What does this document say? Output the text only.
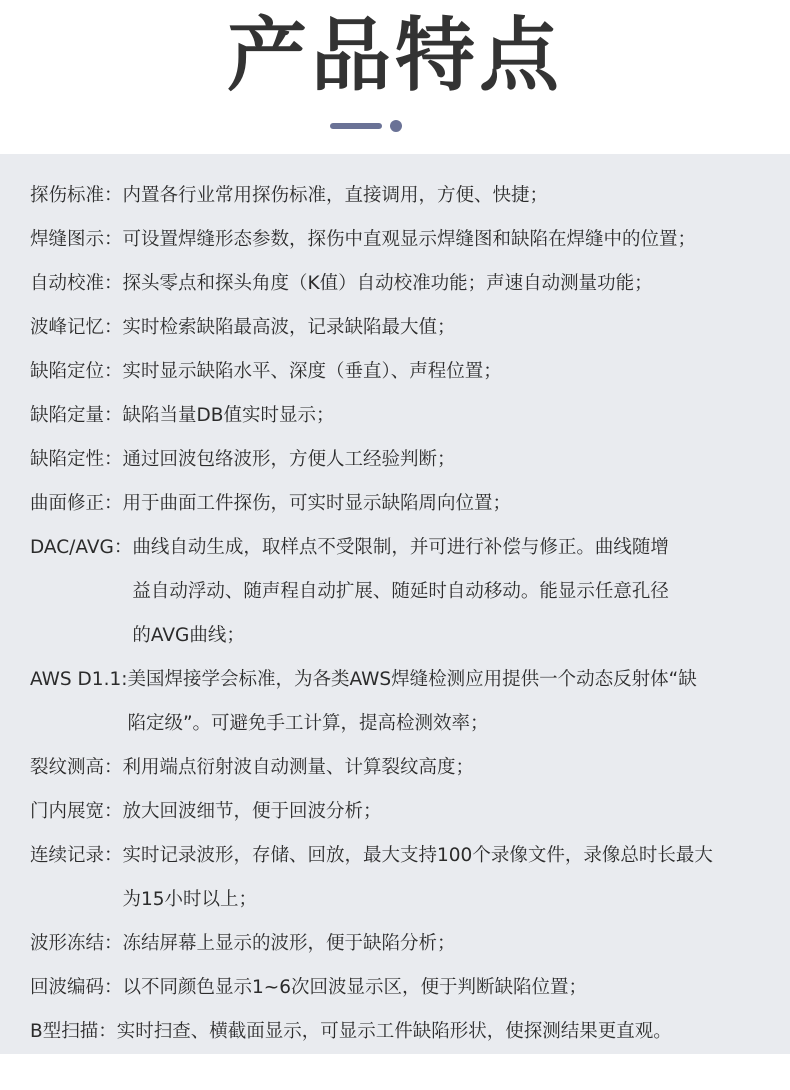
产品特点
探伤标准： 内置各行业常用探伤标准，直接调用，方便、快捷；
焊缝图示： 可设置焊缝形态参数，探伤中直观显示焊缝图和缺陷在焊缝中的位置；
自动校准： 探头零点和探头角度（K值）自动校准功能；声速自动测量功能；
波峰记忆： 实时检索缺陷最高波，记录缺陷最大值；
缺陷定位： 实时显示缺陷水平、深度（垂直）、声程位置；
缺陷定量： 缺陷当量DB值实时显示；
缺陷定性： 通过回波包络波形，方便人工经验判断；
曲面修正： 用于曲面工件探伤，可实时显示缺陷周向位置；
DAC/AVG： 曲线自动生成，取样点不受限制，并可进行补偿与修正。曲线随增
益自动浮动、随声程自动扩展、随延时自动移动。能显示任意孔径
的AVG曲线；
AWS D1.1: 美国焊接学会标准，为各类AWS焊缝检测应用提供一个动态反射体“缺
陷定级”。可避免手工计算，提高检测效率；
裂纹测高： 利用端点衍射波自动测量、计算裂纹高度；
门内展宽： 放大回波细节，便于回波分析；
连续记录： 实时记录波形，存储、回放，最大支持100个录像文件，录像总时长最大
为15小时以上；
波形冻结： 冻结屏幕上显示的波形，便于缺陷分析；
回波编码： 以不同颜色显示1~6次回波显示区，便于判断缺陷位置；
B型扫描： 实时扫查、横截面显示，可显示工件缺陷形状，使探测结果更直观。
